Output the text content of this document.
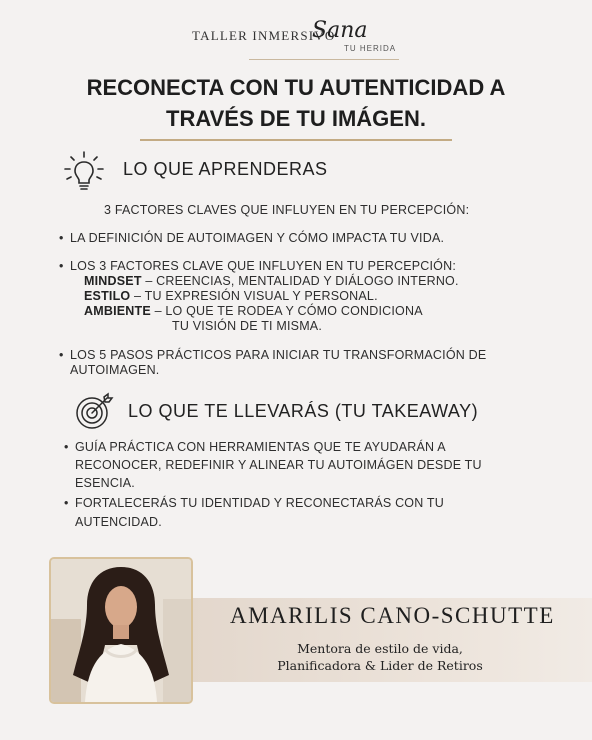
TALLER INMERSIVO
Sana
TU HERIDA
RECONECTA CON TU AUTENTICIDAD A
TRAVÉS DE TU IMÁGEN.
LO QUE APRENDERAS
3 FACTORES CLAVES QUE INFLUYEN EN TU PERCEPCIÓN:
• LA DEFINICIÓN DE AUTOIMAGEN Y CÓMO IMPACTA TU VIDA.
• LOS 3 FACTORES CLAVE QUE INFLUYEN EN TU PERCEPCIÓN:
MINDSET – CREENCIAS, MENTALIDAD Y DIÁLOGO INTERNO.
ESTILO – TU EXPRESIÓN VISUAL Y PERSONAL.
AMBIENTE – LO QUE TE RODEA Y CÓMO CONDICIONA
TU VISIÓN DE TI MISMA.
• LOS 5 PASOS PRÁCTICOS PARA INICIAR TU TRANSFORMACIÓN DE
AUTOIMAGEN.
LO QUE TE LLEVARÁS (TU TAKEAWAY)
• GUÍA PRÁCTICA CON HERRAMIENTAS QUE TE AYUDARÁN A
RECONOCER, REDEFINIR Y ALINEAR TU AUTOIMÁGEN DESDE TU
ESENCIA.
• FORTALECERÁS TU IDENTIDAD Y RECONECTARÁS CON TU
AUTENCIDAD.
AMARILIS CANO-SCHUTTE
Mentora de estilo de vida,
Planificadora & Lider de Retiros
